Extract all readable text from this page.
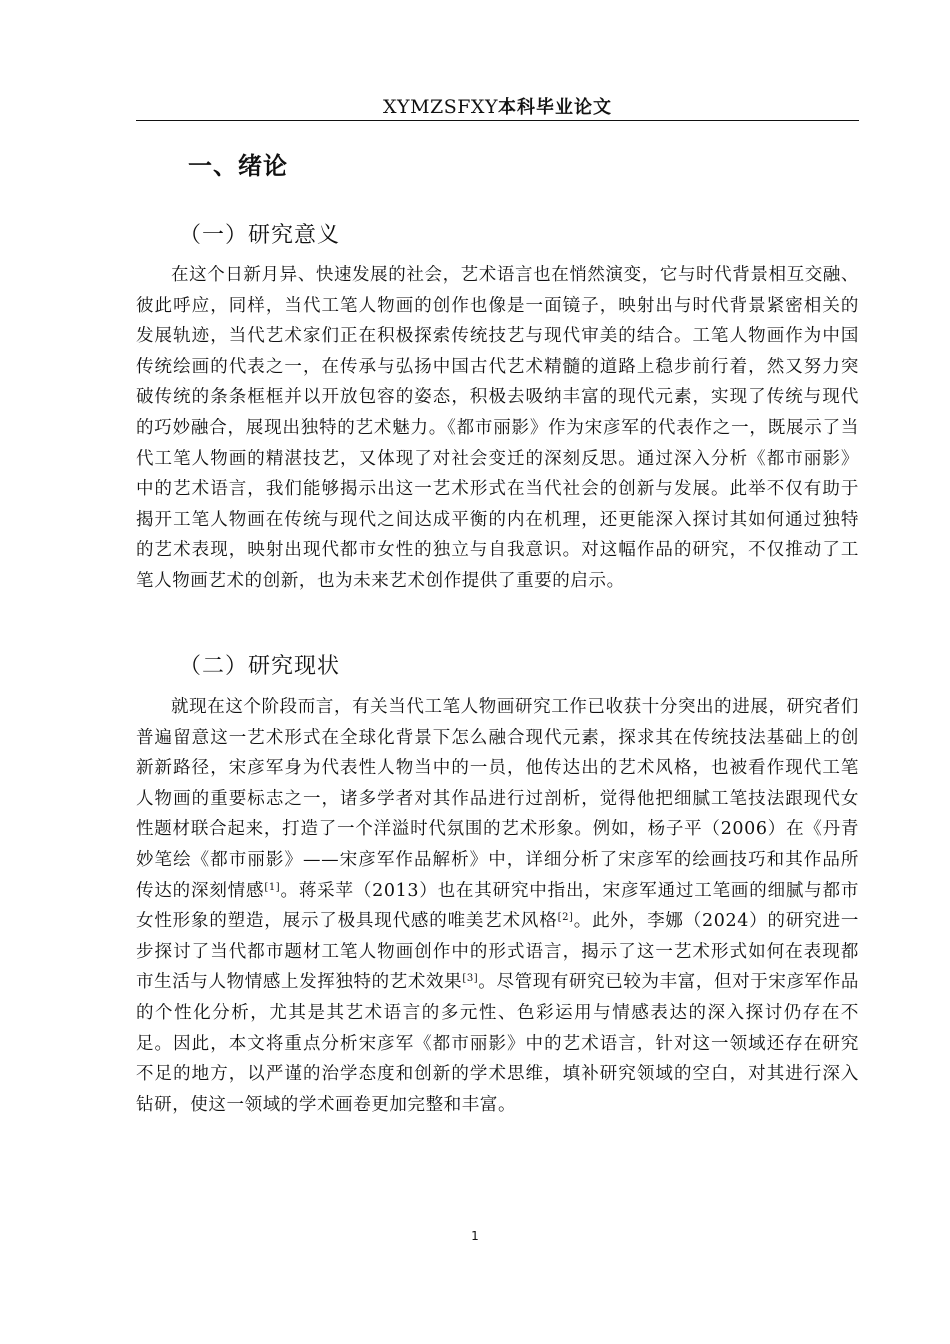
XYMZSFXY本科毕业论文
一、绪论
（一）研究意义

在这个日新月异、快速发展的社会，艺术语言也在悄然演变，它与时代背景相互交融、彼此呼应，同样，当代工笔人物画的创作也像是一面镜子，映射出与时代背景紧密相关的发展轨迹，当代艺术家们正在积极探索传统技艺与现代审美的结合。工笔人物画作为中国传统绘画的代表之一，在传承与弘扬中国古代艺术精髓的道路上稳步前行着，然又努力突破传统的条条框框并以开放包容的姿态，积极去吸纳丰富的现代元素，实现了传统与现代的巧妙融合，展现出独特的艺术魅力。《都市丽影》作为宋彦军的代表作之一，既展示了当代工笔人物画的精湛技艺，又体现了对社会变迁的深刻反思。通过深入分析《都市丽影》中的艺术语言，我们能够揭示出这一艺术形式在当代社会的创新与发展。此举不仅有助于揭开工笔人物画在传统与现代之间达成平衡的内在机理，还更能深入探讨其如何通过独特的艺术表现，映射出现代都市女性的独立与自我意识。对这幅作品的研究，不仅推动了工笔人物画艺术的创新，也为未来艺术创作提供了重要的启示。

（二）研究现状

就现在这个阶段而言，有关当代工笔人物画研究工作已收获十分突出的进展，研究者们普遍留意这一艺术形式在全球化背景下怎么融合现代元素，探求其在传统技法基础上的创新新路径，宋彦军身为代表性人物当中的一员，他传达出的艺术风格，也被看作现代工笔人物画的重要标志之一，诸多学者对其作品进行过剖析，觉得他把细腻工笔技法跟现代女性题材联合起来，打造了一个洋溢时代氛围的艺术形象。例如，杨子平（2006）在《丹青妙笔绘《都市丽影》——宋彦军作品解析》中，详细分析了宋彦军的绘画技巧和其作品所传达的深刻情感[1]。蒋采苹（2013）也在其研究中指出，宋彦军通过工笔画的细腻与都市女性形象的塑造，展示了极具现代感的唯美艺术风格[2]。此外，李娜（2024）的研究进一步探讨了当代都市题材工笔人物画创作中的形式语言，揭示了这一艺术形式如何在表现都市生活与人物情感上发挥独特的艺术效果[3]。尽管现有研究已较为丰富，但对于宋彦军作品的个性化分析，尤其是其艺术语言的多元性、色彩运用与情感表达的深入探讨仍存在不足。因此，本文将重点分析宋彦军《都市丽影》中的艺术语言，针对这一领域还存在研究不足的地方，以严谨的治学态度和创新的学术思维，填补研究领域的空白，对其进行深入钻研，使这一领域的学术画卷更加完整和丰富。

1
